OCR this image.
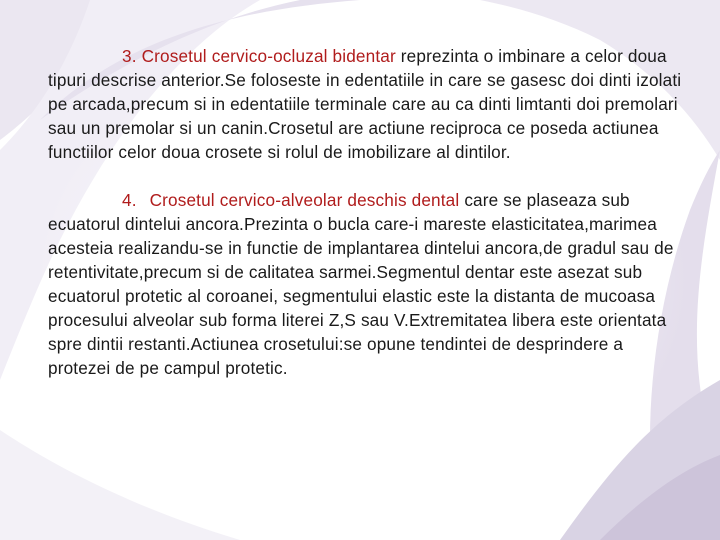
3. Crosetul cervico-ocluzal bidentar reprezinta o imbinare a celor doua tipuri descrise anterior.Se foloseste in edentatiile in care se gasesc doi dinti izolati pe arcada,precum si in edentatiile terminale care au ca dinti limtanti doi premolari sau un premolar si un canin.Crosetul are actiune reciproca ce poseda actiunea functiilor celor doua crosete si rolul de imobilizare al dintilor.

4. Crosetul cervico-alveolar deschis dental care se plaseaza sub ecuatorul dintelui ancora.Prezinta o bucla care-i mareste elasticitatea,marimea acesteia realizandu-se in functie de implantarea dintelui ancora,de gradul sau de retentivitate,precum si de calitatea sarmei.Segmentul dentar este asezat sub ecuatorul protetic al coroanei, segmentului elastic este la distanta de mucoasa procesului alveolar sub forma literei Z,S sau V.Extremitatea libera este orientata spre dintii restanti.Actiunea crosetului:se opune tendintei de desprindere a protezei de pe campul protetic.
